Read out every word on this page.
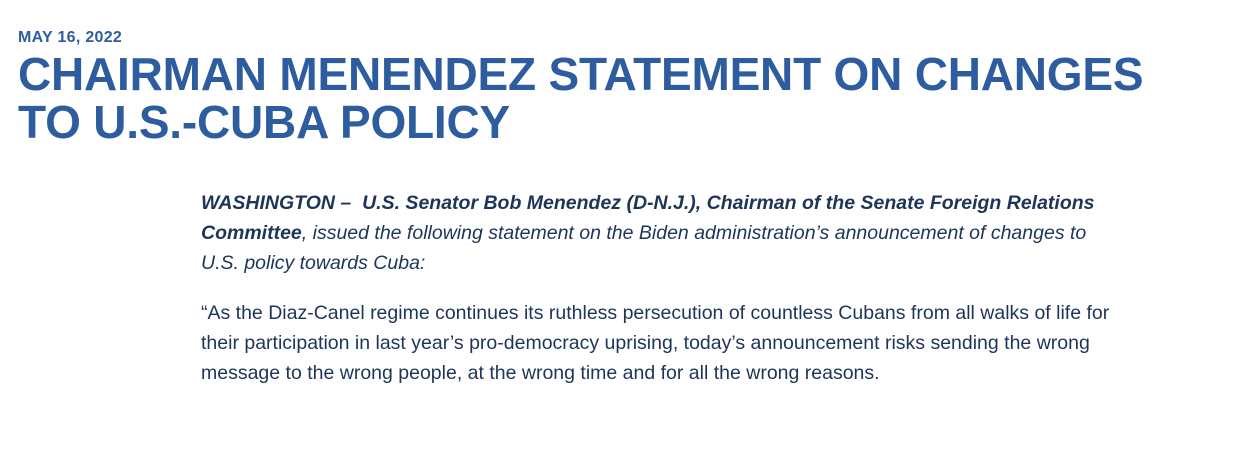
MAY 16, 2022
CHAIRMAN MENENDEZ STATEMENT ON CHANGES
TO U.S.-CUBA POLICY

WASHINGTON – U.S. Senator Bob Menendez (D-N.J.), Chairman of the Senate Foreign Relations Committee, issued the following statement on the Biden administration’s announcement of changes to U.S. policy towards Cuba:

“As the Diaz-Canel regime continues its ruthless persecution of countless Cubans from all walks of life for their participation in last year’s pro-democracy uprising, today’s announcement risks sending the wrong message to the wrong people, at the wrong time and for all the wrong reasons.
